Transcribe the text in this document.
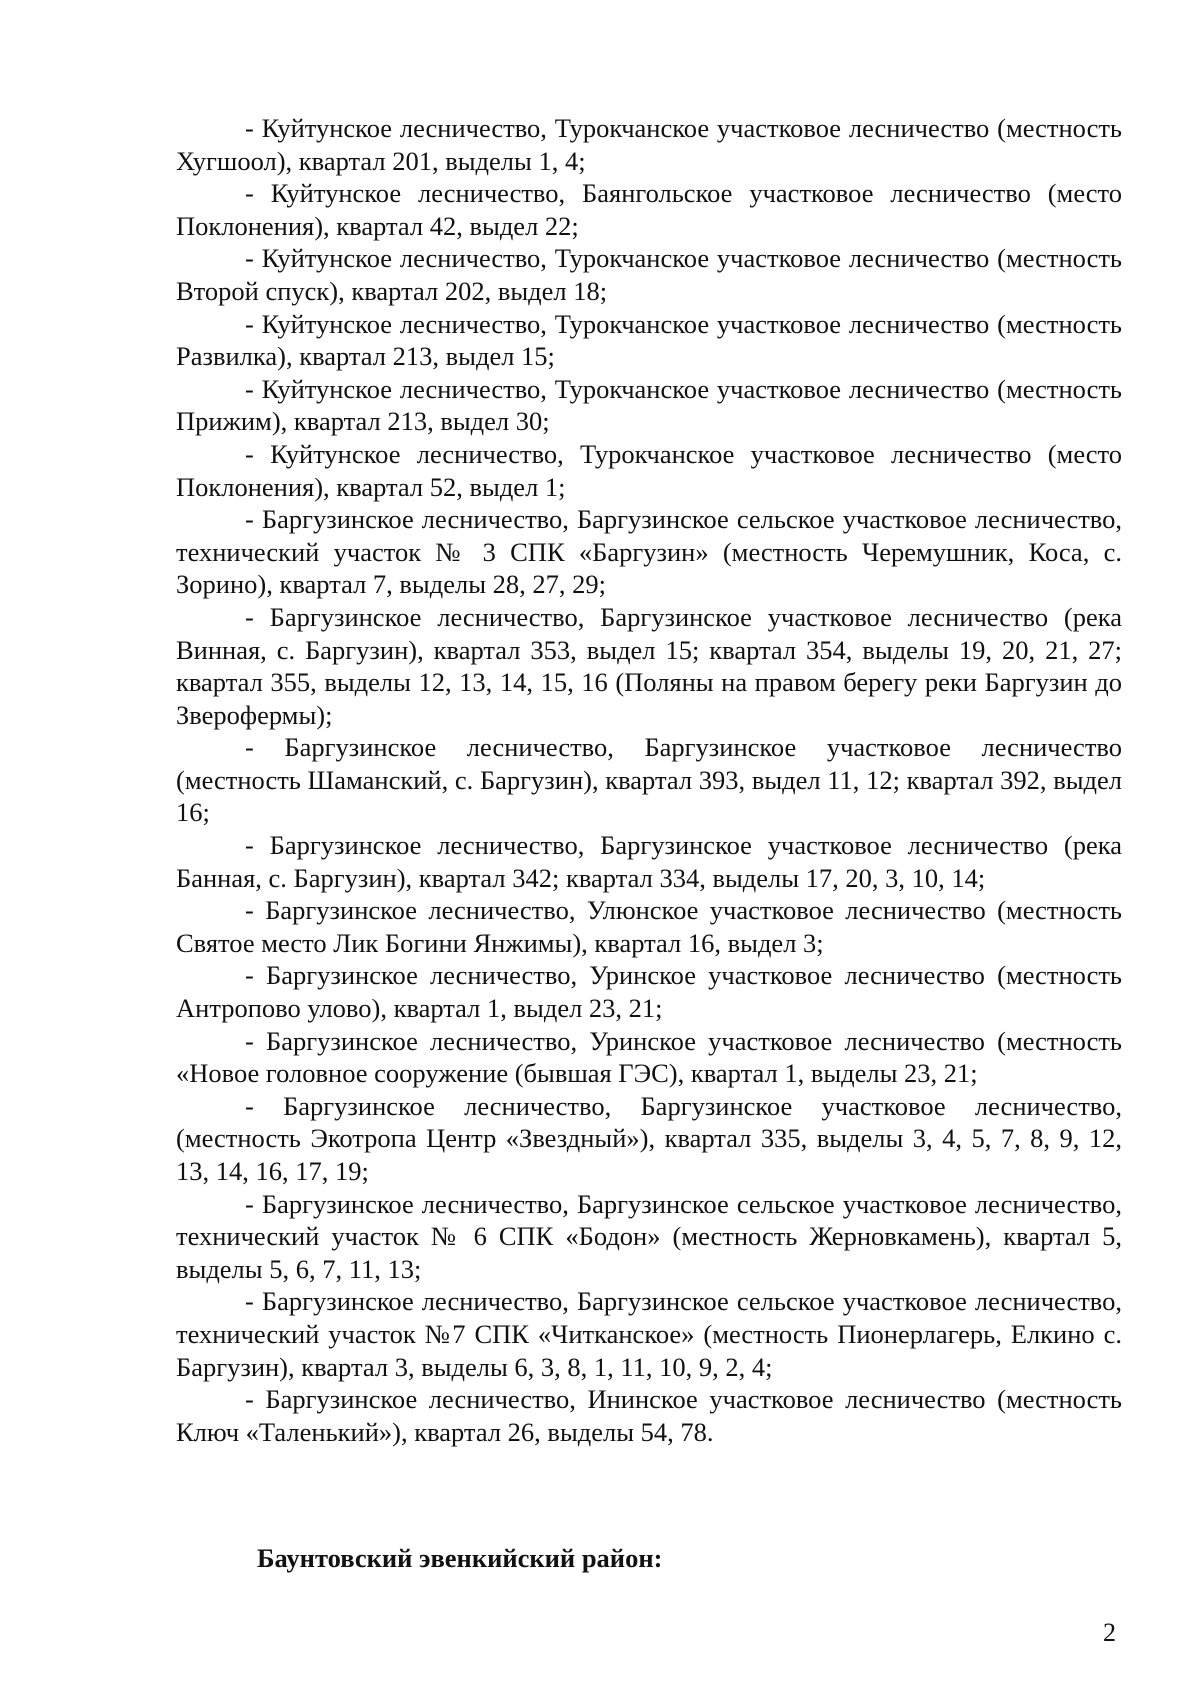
- Куйтунское лесничество, Турокчанское участковое лесничество (местность Хугшоол), квартал 201, выделы 1, 4;

- Куйтунское лесничество, Баянгольское участковое лесничество (место Поклонения), квартал 42, выдел 22;

- Куйтунское лесничество, Турокчанское участковое лесничество (местность Второй спуск), квартал 202, выдел 18;

- Куйтунское лесничество, Турокчанское участковое лесничество (местность Развилка), квартал 213, выдел 15;

- Куйтунское лесничество, Турокчанское участковое лесничество (местность Прижим), квартал 213, выдел 30;

- Куйтунское лесничество, Турокчанское участковое лесничество (место Поклонения), квартал 52, выдел 1;

- Баргузинское лесничество, Баргузинское сельское участковое лесничество, технический участок № 3 СПК «Баргузин» (местность Черемушник, Коса, с. Зорино), квартал 7, выделы 28, 27, 29;

- Баргузинское лесничество, Баргузинское участковое лесничество (река Винная, с. Баргузин), квартал 353, выдел 15; квартал 354, выделы 19, 20, 21, 27; квартал 355, выделы 12, 13, 14, 15, 16 (Поляны на правом берегу реки Баргузин до Зверофермы);

- Баргузинское лесничество, Баргузинское участковое лесничество (местность Шаманский, с. Баргузин), квартал 393, выдел 11, 12; квартал 392, выдел 16;

- Баргузинское лесничество, Баргузинское участковое лесничество (река Банная, с. Баргузин), квартал 342; квартал 334, выделы 17, 20, 3, 10, 14;

- Баргузинское лесничество, Улюнское участковое лесничество (местность Святое место Лик Богини Янжимы), квартал 16, выдел 3;

- Баргузинское лесничество, Уринское участковое лесничество (местность Антропово улово), квартал 1, выдел 23, 21;

- Баргузинское лесничество, Уринское участковое лесничество (местность «Новое головное сооружение (бывшая ГЭС), квартал 1, выделы 23, 21;

- Баргузинское лесничество, Баргузинское участковое лесничество, (местность Экотропа Центр «Звездный»), квартал 335, выделы 3, 4, 5, 7, 8, 9, 12, 13, 14, 16, 17, 19;

- Баргузинское лесничество, Баргузинское сельское участковое лесничество, технический участок № 6 СПК «Бодон» (местность Жерновкамень), квартал 5, выделы 5, 6, 7, 11, 13;

- Баргузинское лесничество, Баргузинское сельское участковое лесничество, технический участок №7 СПК «Читканское» (местность Пионерлагерь, Елкино с. Баргузин), квартал 3, выделы 6, 3, 8, 1, 11, 10, 9, 2, 4;

- Баргузинское лесничество, Ининское участковое лесничество (местность Ключ «Таленький»), квартал 26, выделы 54, 78.

Баунтовский эвенкийский район:

2
